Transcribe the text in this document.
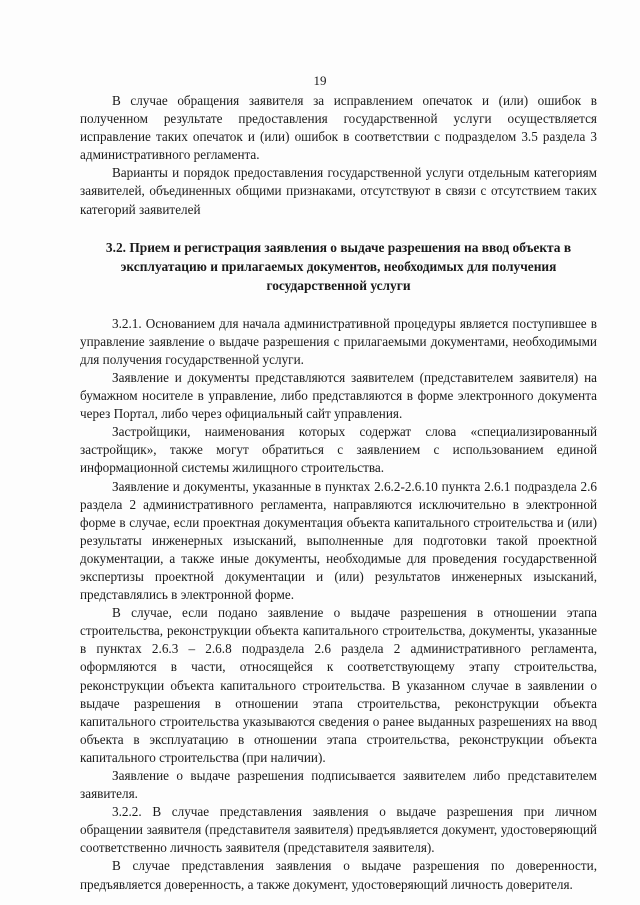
19

В случае обращения заявителя за исправлением опечаток и (или) ошибок в полученном результате предоставления государственной услуги осуществляется исправление таких опечаток и (или) ошибок в соответствии с подразделом 3.5 раздела 3 административного регламента.

Варианты и порядок предоставления государственной услуги отдельным категориям заявителей, объединенных общими признаками, отсутствуют в связи с отсутствием таких категорий заявителей

3.2. Прием и регистрация заявления о выдаче разрешения на ввод объекта в эксплуатацию и прилагаемых документов, необходимых для получения государственной услуги

3.2.1. Основанием для начала административной процедуры является поступившее в управление заявление о выдаче разрешения с прилагаемыми документами, необходимыми для получения государственной услуги.

Заявление и документы представляются заявителем (представителем заявителя) на бумажном носителе в управление, либо представляются в форме электронного документа через Портал, либо через официальный сайт управления.

Застройщики, наименования которых содержат слова «специализированный застройщик», также могут обратиться с заявлением с использованием единой информационной системы жилищного строительства.

Заявление и документы, указанные в пунктах 2.6.2-2.6.10 пункта 2.6.1 подраздела 2.6 раздела 2 административного регламента, направляются исключительно в электронной форме в случае, если проектная документация объекта капитального строительства и (или) результаты инженерных изысканий, выполненные для подготовки такой проектной документации, а также иные документы, необходимые для проведения государственной экспертизы проектной документации и (или) результатов инженерных изысканий, представлялись в электронной форме.

В случае, если подано заявление о выдаче разрешения в отношении этапа строительства, реконструкции объекта капитального строительства, документы, указанные в пунктах 2.6.3 – 2.6.8 подраздела 2.6 раздела 2 административного регламента, оформляются в части, относящейся к соответствующему этапу строительства, реконструкции объекта капитального строительства. В указанном случае в заявлении о выдаче разрешения в отношении этапа строительства, реконструкции объекта капитального строительства указываются сведения о ранее выданных разрешениях на ввод объекта в эксплуатацию в отношении этапа строительства, реконструкции объекта капитального строительства (при наличии).

Заявление о выдаче разрешения подписывается заявителем либо представителем заявителя.

3.2.2. В случае представления заявления о выдаче разрешения при личном обращении заявителя (представителя заявителя) предъявляется документ, удостоверяющий соответственно личность заявителя (представителя заявителя).

В случае представления заявления о выдаче разрешения по доверенности, предъявляется доверенность, а также документ, удостоверяющий личность доверителя.
